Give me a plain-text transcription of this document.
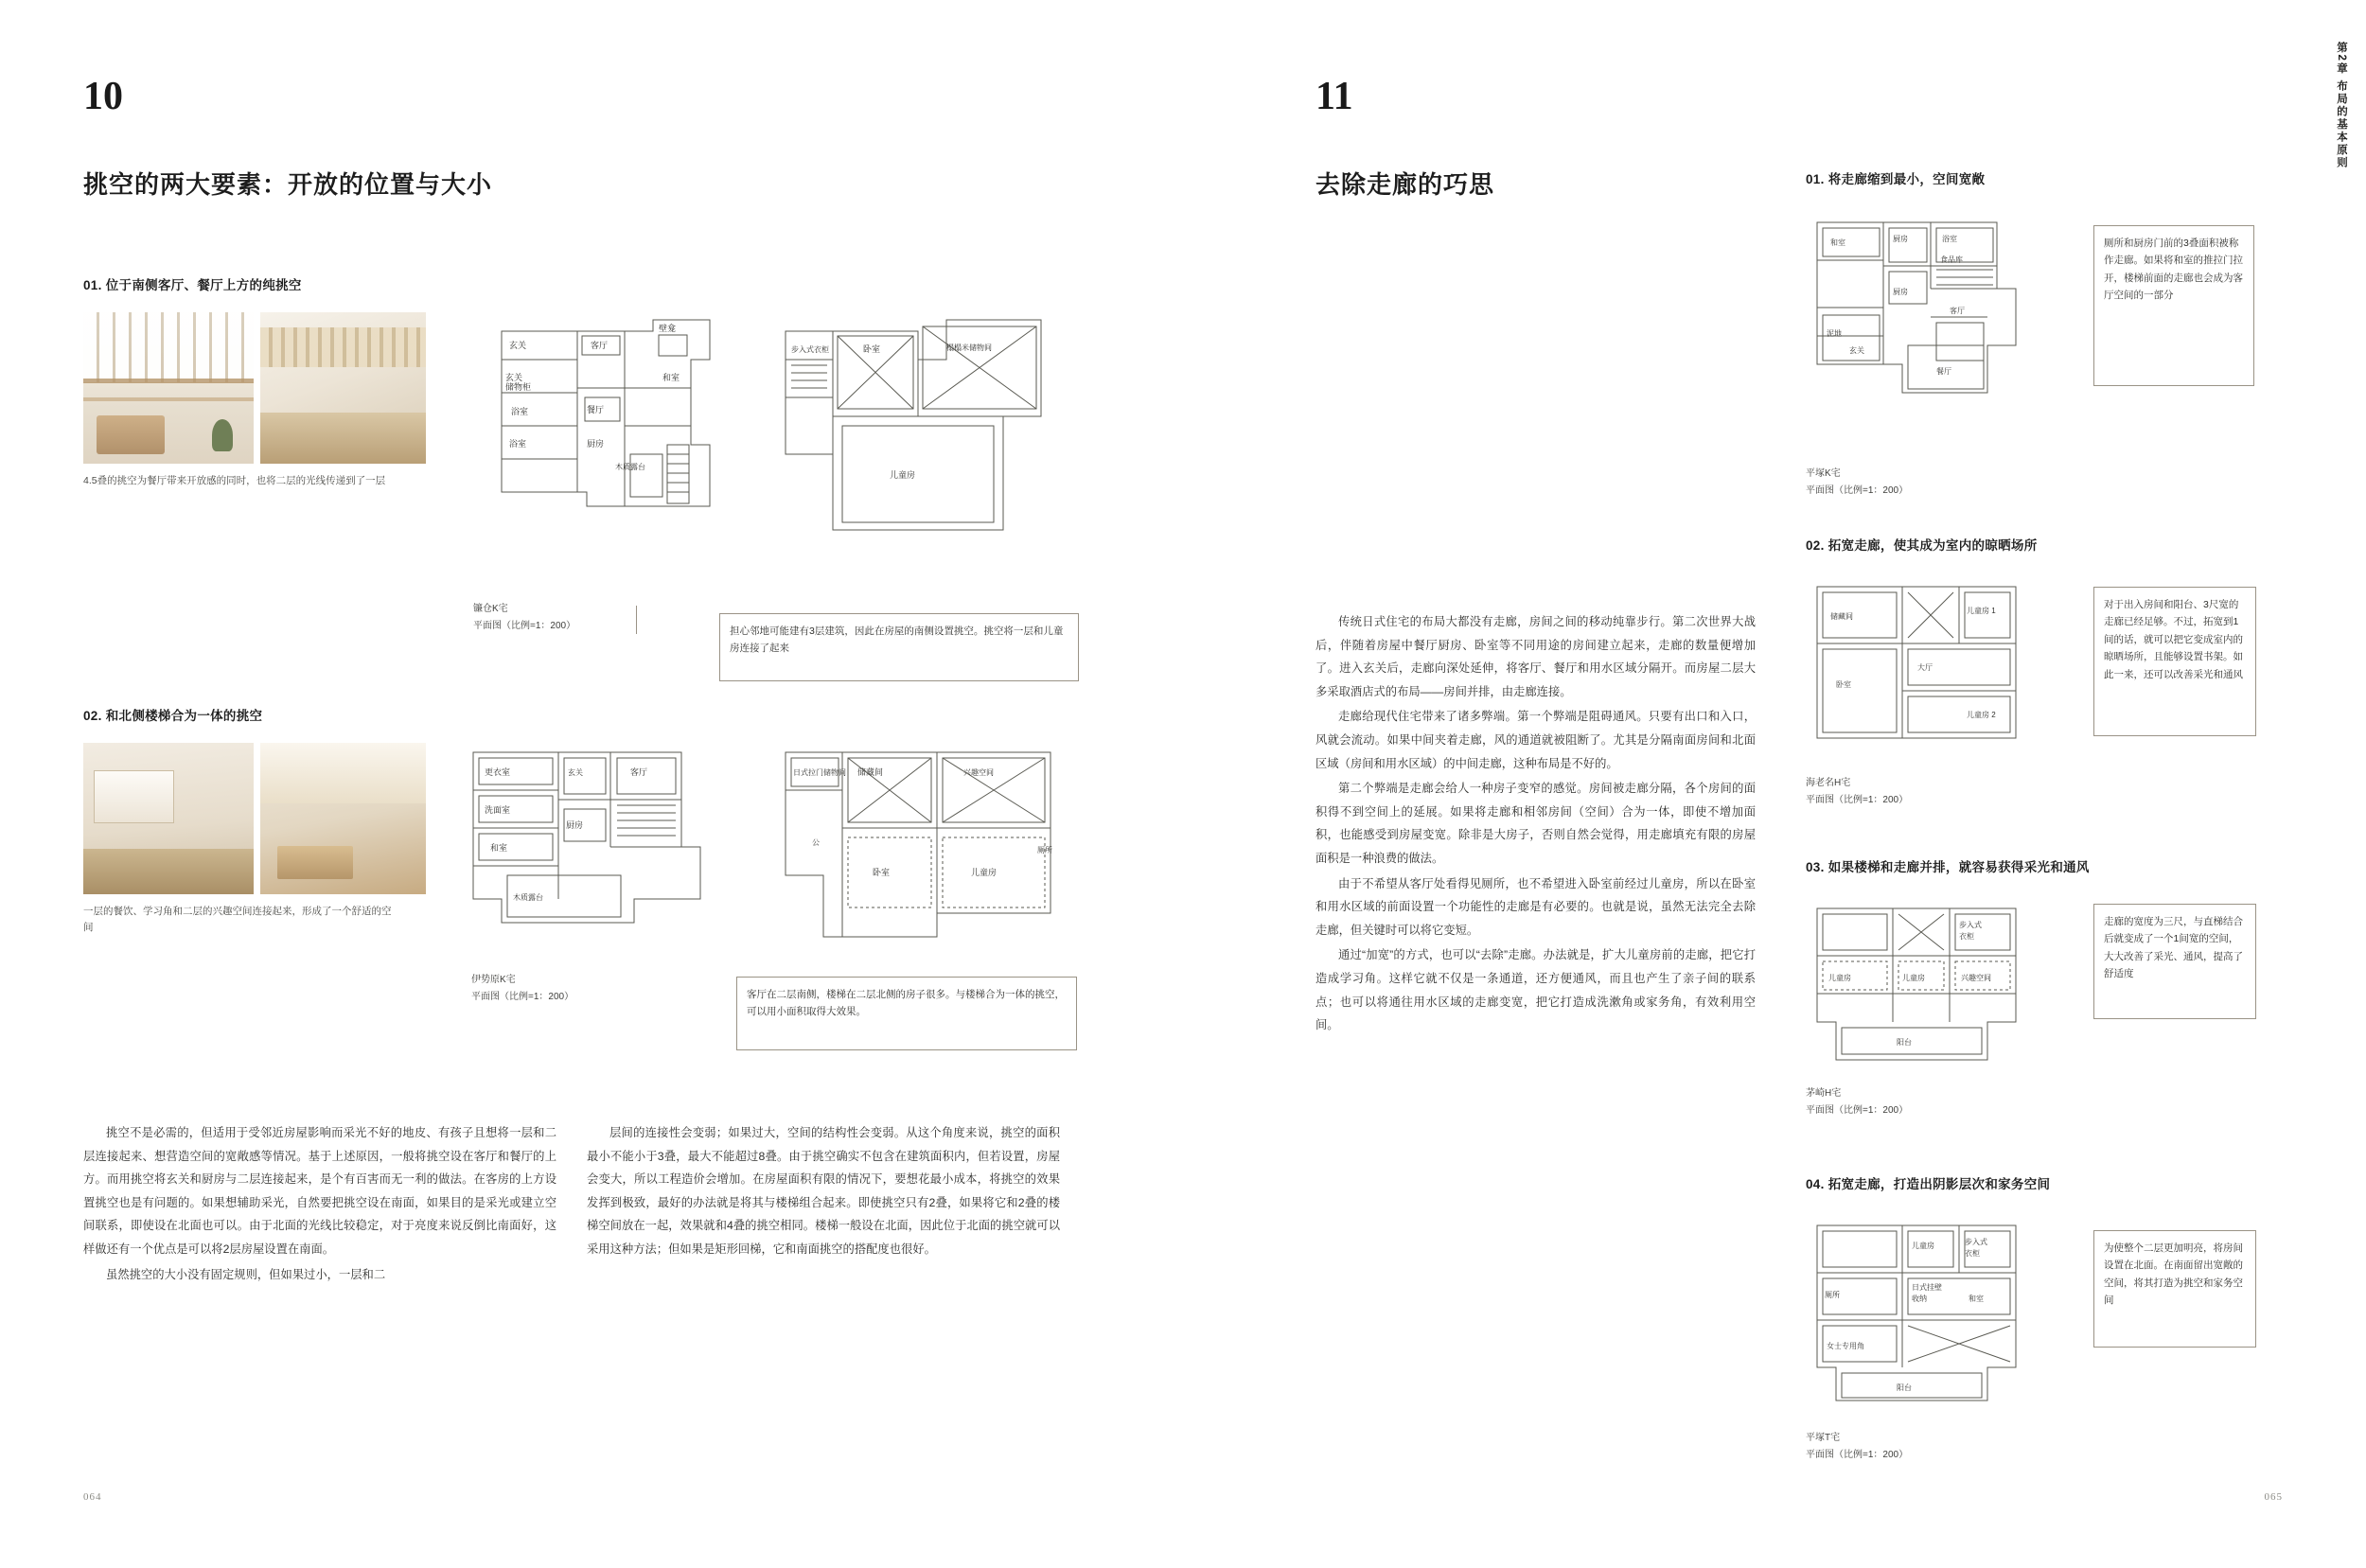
10
挑空的两大要素：开放的位置与大小
01. 位于南侧客厅、餐厅上方的纯挑空
4.5叠的挑空为餐厅带来开放感的同时，也将二层的光线传递到了一层
玄关
玄关
储物柜
浴室
客厅
壁龛
和室
餐厅
浴室	厨房
木质露台
步入式衣柜	卧室	榻榻米储物间
儿童房
镰仓K宅
平面图（比例=1：200）	担心邻地可能建有3层建筑，因此在房屋的南侧设置挑空。挑空将一层和儿童房连接了起来
02. 和北侧楼梯合为一体的挑空
一层的餐饮、学习角和二层的兴趣空间连接起来，形成了一个舒适的空间
更衣室
洗面室
和室
玄关	客厅
厨房
木质露台
日式拉门储物间 储藏间	兴趣空间
卧室	儿童房
厕所
公
伊势原K宅
平面图（比例=1：200）	客厅在二层南侧，楼梯在二层北侧的房子很多。与楼梯合为一体的挑空，可以用小面积取得大效果。

挑空不是必需的，但适用于受邻近房屋影响而采光不好的地皮、有孩子且想将一层和二层连接起来、想营造空间的宽敞感等情况。基于上述原因，一般将挑空设在客厅和餐厅的上方。而用挑空将玄关和厨房与二层连接起来，是个有百害而无一利的做法。在客房的上方设置挑空也是有问题的。如果想辅助采光，自然要把挑空设在南面，如果目的是采光或建立空间联系，即使设在北面也可以。由于北面的光线比较稳定，对于亮度来说反倒比南面好，这样做还有一个优点是可以将2层房屋设置在南面。

虽然挑空的大小没有固定规则，但如果过小，一层和二

层间的连接性会变弱；如果过大，空间的结构性会变弱。从这个角度来说，挑空的面积最小不能小于3叠，最大不能超过8叠。由于挑空确实不包含在建筑面积内，但若设置，房屋会变大，所以工程造价会增加。在房屋面积有限的情况下，要想花最小成本，将挑空的效果发挥到极致，最好的办法就是将其与楼梯组合起来。即使挑空只有2叠，如果将它和2叠的楼梯空间放在一起，效果就和4叠的挑空相同。楼梯一般设在北面，因此位于北面的挑空就可以采用这种方法；但如果是矩形回梯，它和南面挑空的搭配度也很好。

064
11
去除走廊的巧思
第2章 布局的基本原则

传统日式住宅的布局大都没有走廊，房间之间的移动纯靠步行。第二次世界大战后，伴随着房屋中餐厅厨房、卧室等不同用途的房间建立起来，走廊的数量便增加了。进入玄关后，走廊向深处延伸，将客厅、餐厅和用水区域分隔开。而房屋二层大多采取酒店式的布局——房间并排，由走廊连接。

走廊给现代住宅带来了诸多弊端。第一个弊端是阻碍通风。只要有出口和入口，风就会流动。如果中间夹着走廊，风的通道就被阻断了。尤其是分隔南面房间和北面区域（房间和用水区域）的中间走廊，这种布局是不好的。

第二个弊端是走廊会给人一种房子变窄的感觉。房间被走廊分隔，各个房间的面积得不到空间上的延展。如果将走廊和相邻房间（空间）合为一体，即使不增加面积，也能感受到房屋变宽。除非是大房子，否则自然会觉得，用走廊填充有限的房屋面积是一种浪费的做法。

由于不希望从客厅处看得见厕所，也不希望进入卧室前经过儿童房，所以在卧室和用水区域的前面设置一个功能性的走廊是有必要的。也就是说，虽然无法完全去除走廊，但关键时可以将它变短。

通过“加宽”的方式，也可以“去除”走廊。办法就是，扩大儿童房前的走廊，把它打造成学习角。这样它就不仅是一条通道，还方便通风，而且也产生了亲子间的联系点；也可以将通往用水区域的走廊变宽，把它打造成洗漱角或家务角，有效利用空间。

01. 将走廊缩到最小，空间宽敞
和室	厨房	浴室
食品库
厨房
客厅
泥地
玄关
餐厅
平塚K宅
平面图（比例=1：200）
厕所和厨房门前的3叠面积被称作走廊。如果将和室的推拉门拉开，楼梯前面的走廊也会成为客厅空间的一部分
02. 拓宽走廊，使其成为室内的晾晒场所
储藏间
儿童房 1
卧室
大厅
儿童房 2
海老名H宅
平面图（比例=1：200）
对于出入房间和阳台、3尺宽的走廊已经足够。不过，拓宽到1间的话，就可以把它变成室内的晾晒场所，且能够设置书架。如此一来，还可以改善采光和通风
03. 如果楼梯和走廊并排，就容易获得采光和通风
步入式
衣柜
儿童房	儿童房	兴趣空间
阳台
茅崎H宅
平面图（比例=1：200）
走廊的宽度为三尺，与直梯结合后就变成了一个1间宽的空间，大大改善了采光、通风，提高了舒适度
04. 拓宽走廊，打造出阴影层次和家务空间
儿童房	步入式
衣柜
厕所
日式挂壁
收纳	和室
女士专用角
阳台
平塚T宅
平面图（比例=1：200）
为使整个二层更加明亮，将房间设置在北面。在南面留出宽敞的空间，将其打造为挑空和家务空间
065
